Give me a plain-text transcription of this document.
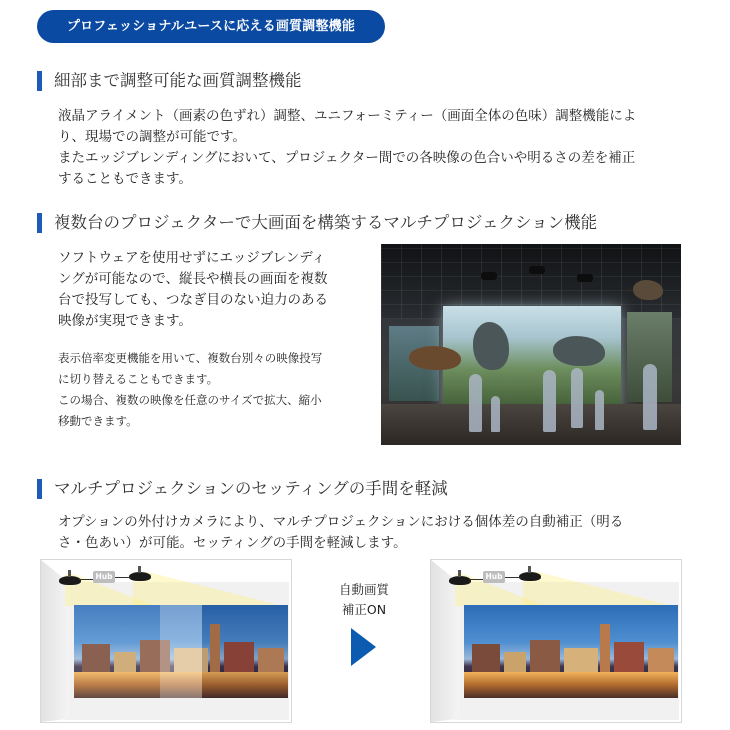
プロフェッショナルユースに応える画質調整機能
細部まで調整可能な画質調整機能
液晶アライメント（画素の色ずれ）調整、ユニフォーミティー（画面全体の色味）調整機能によ
り、現場での調整が可能です。
またエッジブレンディングにおいて、プロジェクター間での各映像の色合いや明るさの差を補正
することもできます。
複数台のプロジェクターで大画面を構築するマルチプロジェクション機能
ソフトウェアを使用せずにエッジブレンディ
ングが可能なので、縦長や横長の画面を複数
台で投写しても、つなぎ目のない迫力のある
映像が実現できます。
表示倍率変更機能を用いて、複数台別々の映像投写
に切り替えることもできます。
この場合、複数の映像を任意のサイズで拡大、縮小
移動できます。
マルチプロジェクションのセッティングの手間を軽減
オプションの外付けカメラにより、マルチプロジェクションにおける個体差の自動補正（明る
さ・色あい）が可能。セッティングの手間を軽減します。
Hub
自動画質
補正ON
Hub
